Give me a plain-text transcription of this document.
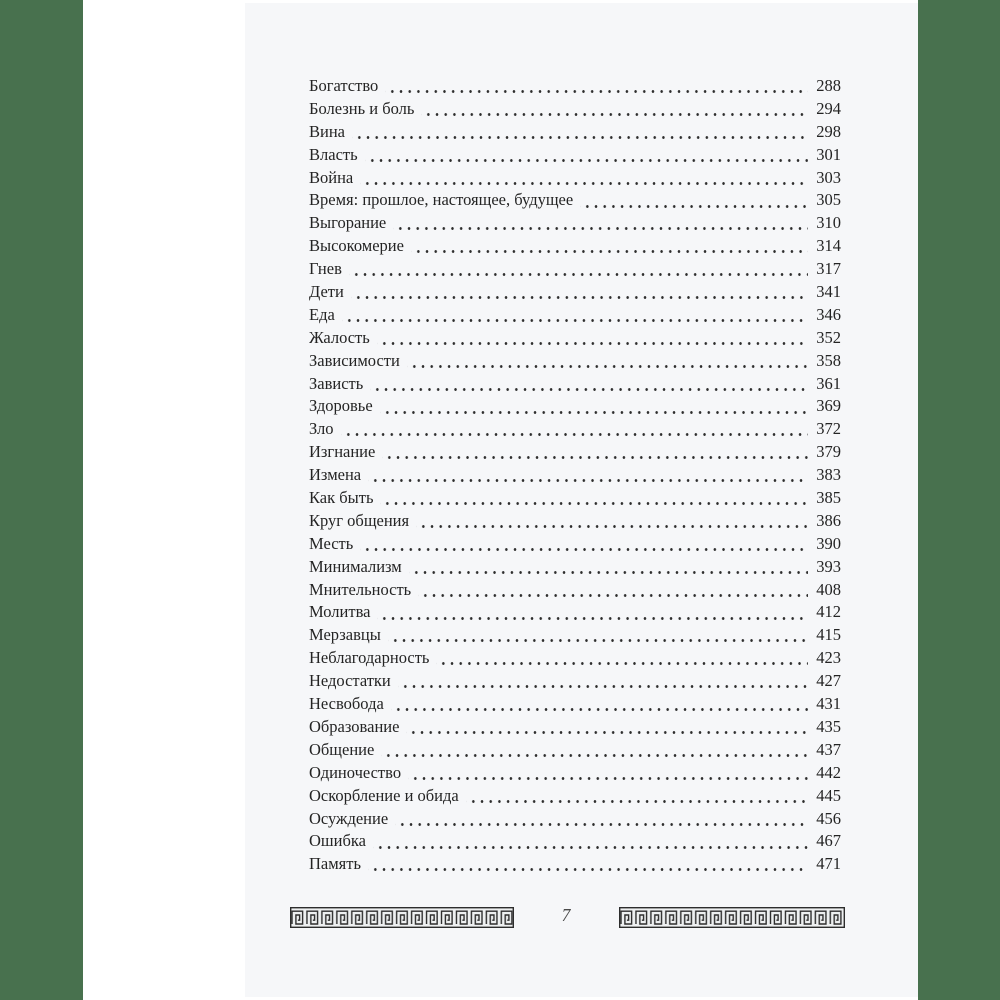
Богатство	288
Болезнь и боль	294
Вина	298
Власть	301
Война	303
Время: прошлое, настоящее, будущее	305
Выгорание	310
Высокомерие	314
Гнев	317
Дети	341
Еда	346
Жалость	352
Зависимости	358
Зависть	361
Здоровье	369
Зло	372
Изгнание	379
Измена	383
Как быть	385
Круг общения	386
Месть	390
Минимализм	393
Мнительность	408
Молитва	412
Мерзавцы	415
Неблагодарность	423
Недостатки	427
Несвобода	431
Образование	435
Общение	437
Одиночество	442
Оскорбление и обида	445
Осуждение	456
Ошибка	467
Память	471
7
